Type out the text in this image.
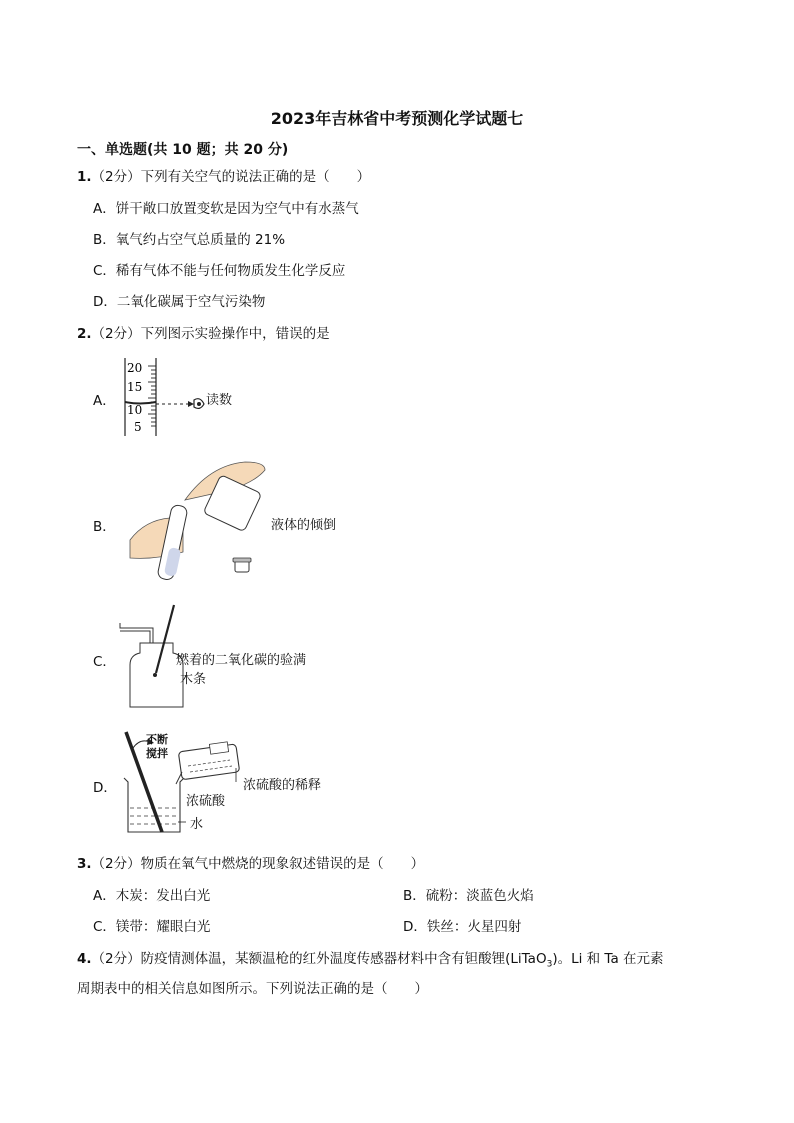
2023年吉林省中考预测化学试题七
一、单选题(共 10 题；共 20 分)
1.（2分）下列有关空气的说法正确的是（　　）
A．饼干敞口放置变软是因为空气中有水蒸气
B．氧气约占空气总质量的 21%
C．稀有气体不能与任何物质发生化学反应
D．二氧化碳属于空气污染物
2.（2分）下列图示实验操作中，错误的是
A．
20
15
10
5
读数
B．	液体的倾倒
C．	燃着的二氧化碳的验满
木条
D．
不断
搅拌
浓硫酸的稀释
浓硫酸
水
3.（2分）物质在氧气中燃烧的现象叙述错误的是（　　）
A．木炭：发出白光	B．硫粉：淡蓝色火焰
C．镁带：耀眼白光	D．铁丝：火星四射
4.（2分）防疫情测体温，某额温枪的红外温度传感器材料中含有钽酸锂(LiTaO$_3$)。Li 和 Ta 在元素
周期表中的相关信息如图所示。下列说法正确的是（　　）
